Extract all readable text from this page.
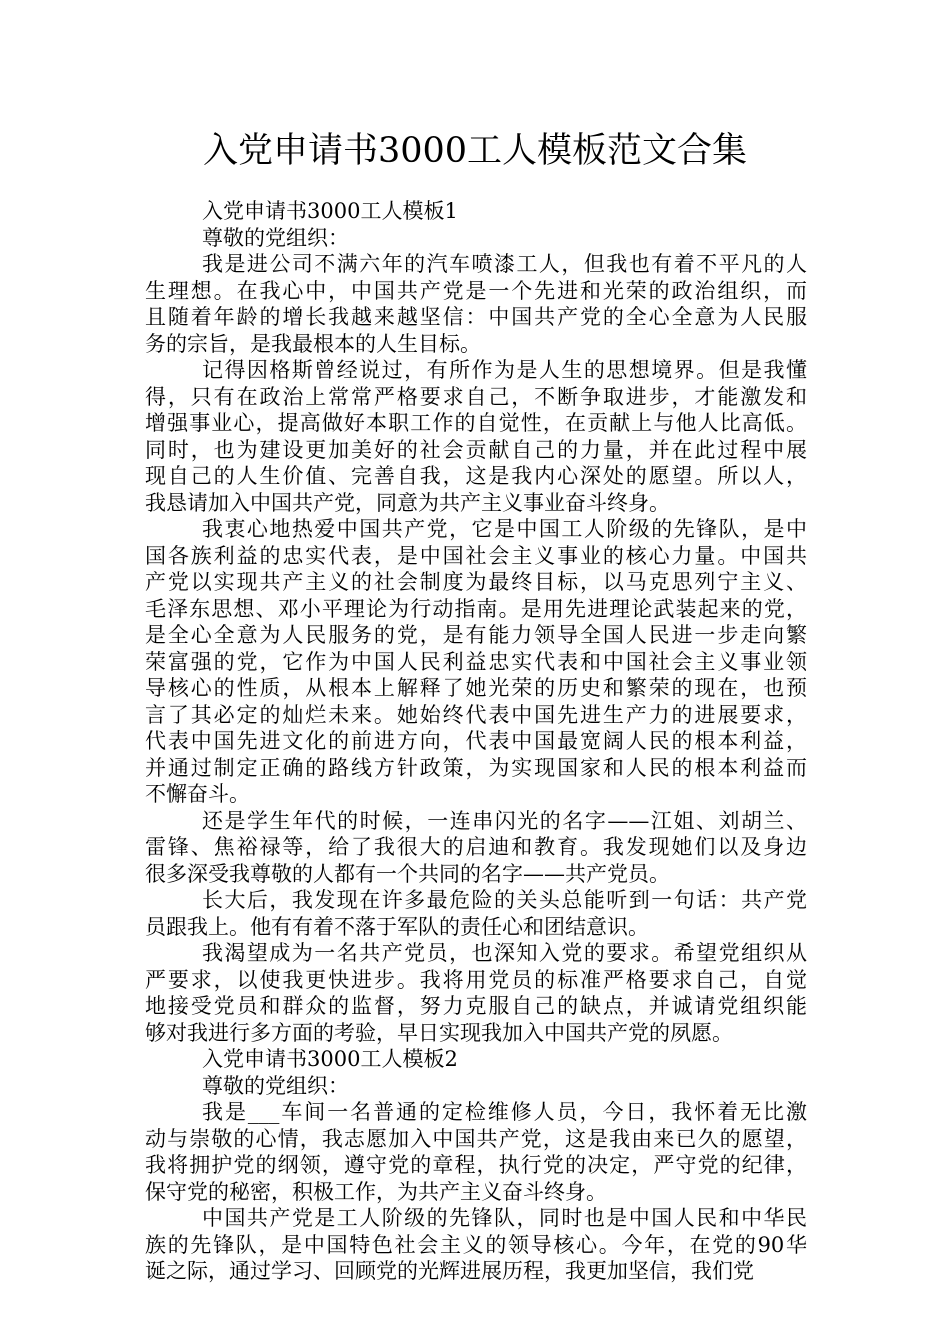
入党申请书3000工人模板范文合集
入党申请书3000工人模板1
尊敬的党组织：
我是进公司不满六年的汽车喷漆工人，但我也有着不平凡的人
生理想。在我心中，中国共产党是一个先进和光荣的政治组织，而
且随着年龄的增长我越来越坚信：中国共产党的全心全意为人民服
务的宗旨，是我最根本的人生目标。
记得因格斯曾经说过，有所作为是人生的思想境界。但是我懂
得，只有在政治上常常严格要求自己，不断争取进步，才能激发和
增强事业心，提高做好本职工作的自觉性，在贡献上与他人比高低。
同时，也为建设更加美好的社会贡献自己的力量，并在此过程中展
现自己的人生价值、完善自我，这是我内心深处的愿望。所以人，
我恳请加入中国共产党，同意为共产主义事业奋斗终身。
我衷心地热爱中国共产党，它是中国工人阶级的先锋队，是中
国各族利益的忠实代表，是中国社会主义事业的核心力量。中国共
产党以实现共产主义的社会制度为最终目标，以马克思列宁主义、
毛泽东思想、邓小平理论为行动指南。是用先进理论武装起来的党，
是全心全意为人民服务的党，是有能力领导全国人民进一步走向繁
荣富强的党，它作为中国人民利益忠实代表和中国社会主义事业领
导核心的性质，从根本上解释了她光荣的历史和繁荣的现在，也预
言了其必定的灿烂未来。她始终代表中国先进生产力的进展要求，
代表中国先进文化的前进方向，代表中国最宽阔人民的根本利益，
并通过制定正确的路线方针政策，为实现国家和人民的根本利益而
不懈奋斗。
还是学生年代的时候，一连串闪光的名字——江姐、刘胡兰、
雷锋、焦裕禄等，给了我很大的启迪和教育。我发现她们以及身边
很多深受我尊敬的人都有一个共同的名字——共产党员。
长大后，我发现在许多最危险的关头总能听到一句话：共产党
员跟我上。他有有着不落于军队的责任心和团结意识。
我渴望成为一名共产党员，也深知入党的要求。希望党组织从
严要求，以使我更快进步。我将用党员的标准严格要求自己，自觉
地接受党员和群众的监督，努力克服自己的缺点，并诚请党组织能
够对我进行多方面的考验，早日实现我加入中国共产党的夙愿。
入党申请书3000工人模板2
尊敬的党组织：
我是___车间一名普通的定检维修人员，今日，我怀着无比激
动与崇敬的心情，我志愿加入中国共产党，这是我由来已久的愿望，
我将拥护党的纲领，遵守党的章程，执行党的决定，严守党的纪律，
保守党的秘密，积极工作，为共产主义奋斗终身。
中国共产党是工人阶级的先锋队，同时也是中国人民和中华民
族的先锋队，是中国特色社会主义的领导核心。今年，在党的90华
诞之际，通过学习、回顾党的光辉进展历程，我更加坚信，我们党
